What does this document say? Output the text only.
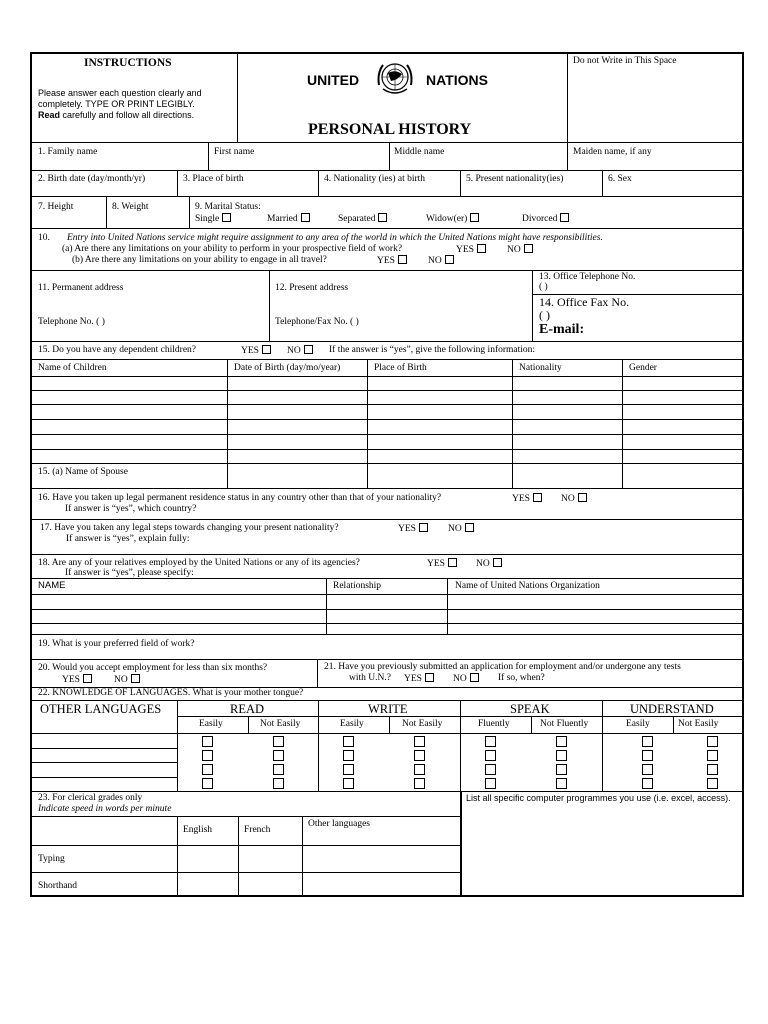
INSTRUCTIONS
Please answer each question clearly and
completely. TYPE OR PRINT LEGIBLY.
Read carefully and follow all directions.
UNITED	NATIONS
PERSONAL HISTORY
Do not Write in This Space
1. Family name	First name	Middle name	Maiden name, if any
2. Birth date (day/month/yr)	3. Place of birth	4. Nationality (ies) at birth	5. Present nationality(ies)	6. Sex
7. Height	8. Weight	9. Marital Status:
Single	Married	Separated	Widow(er)	Divorced
10. Entry into United Nations service might require assignment to any area of the world in which the United Nations might have responsibilities.
(a) Are there any limitations on your ability to perform in your prospective field of work?	YES	NO
(b) Are there any limitations on your ability to engage in all travel?	YES	NO
11. Permanent address
Telephone No. ( )
12. Present address
Telephone/Fax No. ( )
13. Office Telephone No.
( )
14. Office Fax No.
( )
E-mail:
15. Do you have any dependent children?	YES	NO	If the answer is “yes”, give the following information:
Name of Children	Date of Birth (day/mo/year)	Place of Birth	Nationality	Gender
15. (a) Name of Spouse
16. Have you taken up legal permanent residence status in any country other than that of your nationality?	YES	NO
If answer is “yes”, which country?
17. Have you taken any legal steps towards changing your present nationality?	YES	NO
If answer is “yes”, explain fully:
18. Are any of your relatives employed by the United Nations or any of its agencies?	YES	NO
If answer is “yes”, please specify:
NAME	Relationship	Name of United Nations Organization
19. What is your preferred field of work?
20. Would you accept employment for less than six months?
YES	NO
21. Have you previously submitted an application for employment and/or undergone any tests
with U.N.? YES	NO	If so, when?
22. KNOWLEDGE OF LANGUAGES. What is your mother tongue?
OTHER LANGUAGES	READ	WRITE	SPEAK	UNDERSTAND
Easily	Not Easily	Easily	Not Easily	Fluently	Not Fluently	Easily	Not Easily
23. For clerical grades only
Indicate speed in words per minute
English	French
Other languages
Typing
Shorthand
List all specific computer programmes you use (i.e. excel, access).
